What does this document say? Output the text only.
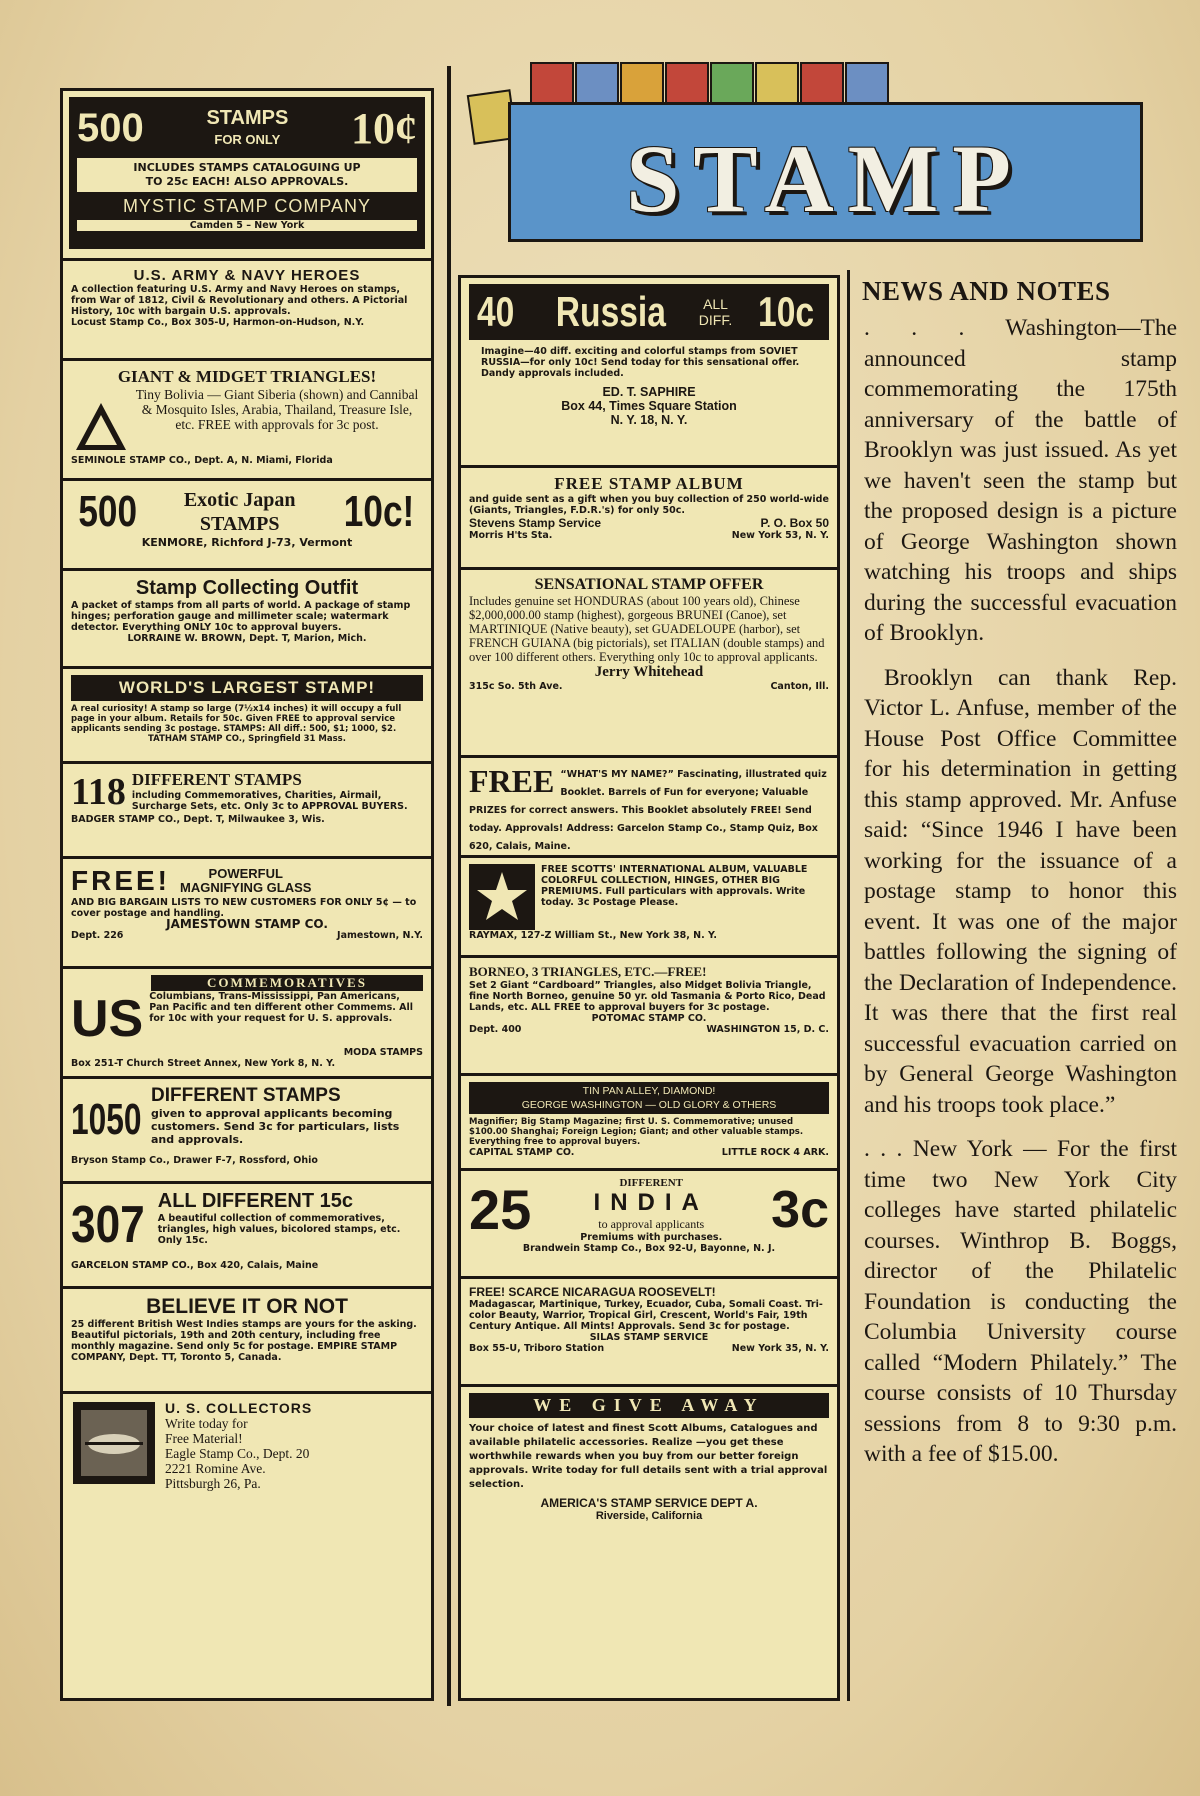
STAMP
500	STAMPS
FOR ONLY 10¢
INCLUDES STAMPS CATALOGUING UP
TO 25c EACH! ALSO APPROVALS.
MYSTIC STAMP COMPANY
Camden 5 – New York
U.S. ARMY & NAVY HEROES
A collection featuring U.S. Army and Navy Heroes on stamps, from War of 1812, Civil & Revolutionary and others. A Pictorial History, 10c with bargain U.S. approvals.
Locust Stamp Co., Box 305-U, Harmon-on-Hudson, N.Y.
GIANT & MIDGET TRIANGLES!
Tiny Bolivia — Giant Siberia (shown) and Cannibal & Mosquito Isles, Arabia, Thailand, Treasure Isle, etc. FREE with approvals for 3c post.
SEMINOLE STAMP CO., Dept. A, N. Miami, Florida
500 Exotic Japan
STAMPS	10c!
KENMORE, Richford J-73, Vermont
Stamp Collecting Outfit
A packet of stamps from all parts of world. A package of stamp hinges; perforation gauge and millimeter scale; watermark detector. Everything ONLY 10c to approval buyers.
LORRAINE W. BROWN, Dept. T, Marion, Mich.
WORLD'S LARGEST STAMP!
A real curiosity! A stamp so large (7½x14 inches) it will occupy a full page in your album. Retails for 50c. Given FREE to approval service applicants sending 3c postage. STAMPS: All diff.: 500, $1; 1000, $2.
TATHAM STAMP CO., Springfield 31 Mass.
118 DIFFERENT STAMPS
including Commemoratives, Charities, Airmail, Surcharge Sets, etc. Only 3c to APPROVAL BUYERS.
BADGER STAMP CO., Dept. T, Milwaukee 3, Wis.
FREE!	POWERFUL
MAGNIFYING GLASS
AND BIG BARGAIN LISTS TO NEW CUSTOMERS FOR ONLY 5¢ — to cover postage and handling.
JAMESTOWN STAMP CO.
Dept. 226	Jamestown, N.Y.
COMMEMORATIVES
US Columbians, Trans-Mississippi, Pan Americans, Pan Pacific and ten different other Commems. All for 10c with your request for U. S. approvals.
MODA STAMPS
Box 251-T Church Street Annex, New York 8, N. Y.
1050 DIFFERENT STAMPS
given to approval applicants becoming customers. Send 3c for particulars, lists and approvals.
Bryson Stamp Co., Drawer F-7, Rossford, Ohio
307 ALL DIFFERENT 15c
A beautiful collection of commemoratives, triangles, high values, bicolored stamps, etc. Only 15c.
GARCELON STAMP CO., Box 420, Calais, Maine
BELIEVE IT OR NOT
25 different British West Indies stamps are yours for the asking. Beautiful pictorials, 19th and 20th century, including free monthly magazine. Send only 5c for postage. EMPIRE STAMP COMPANY, Dept. TT, Toronto 5, Canada.
U. S. COLLECTORS
Write today for
Free Material!
Eagle Stamp Co., Dept. 20
2221 Romine Ave.
Pittsburgh 26, Pa.
40 Russia	ALL
DIFF. 10c
Imagine—40 diff. exciting and colorful stamps from SOVIET RUSSIA—for only 10c! Send today for this sensational offer. Dandy approvals included.
ED. T. SAPHIRE
Box 44, Times Square Station
N. Y. 18, N. Y.
FREE STAMP ALBUM
and guide sent as a gift when you buy collection of 250 world-wide (Giants, Triangles, F.D.R.'s) for only 50c.
Stevens Stamp Service	P. O. Box 50
Morris H'ts Sta.	New York 53, N. Y.
SENSATIONAL STAMP OFFER
Includes genuine set HONDURAS (about 100 years old), Chinese $2,000,000.00 stamp (highest), gorgeous BRUNEI (Canoe), set MARTINIQUE (Native beauty), set GUADELOUPE (harbor), set FRENCH GUIANA (big pictorials), set ITALIAN (double stamps) and over 100 different others. Everything only 10c to approval applicants.
Jerry Whitehead
315c So. 5th Ave.	Canton, Ill.
FREE “WHAT'S MY NAME?” Fascinating, illustrated quiz Booklet. Barrels of Fun for everyone; Valuable PRIZES for correct answers. This Booklet absolutely FREE! Send today. Approvals! Address: Garcelon Stamp Co., Stamp Quiz, Box 620, Calais, Maine.
FREE SCOTTS' INTERNATIONAL ALBUM, VALUABLE COLORFUL COLLECTION, HINGES, OTHER BIG PREMIUMS. Full particulars with approvals. Write today. 3c Postage Please.
RAYMAX, 127-Z William St., New York 38, N. Y.
BORNEO, 3 TRIANGLES, ETC.—FREE!
Set 2 Giant “Cardboard” Triangles, also Midget Bolivia Triangle, fine North Borneo, genuine 50 yr. old Tasmania & Porto Rico, Dead Lands, etc. ALL FREE to approval buyers for 3c postage.
POTOMAC STAMP CO.
Dept. 400	WASHINGTON 15, D. C.
TIN PAN ALLEY, DIAMOND!
GEORGE WASHINGTON — OLD GLORY & OTHERS
Magnifier; Big Stamp Magazine; first U. S. Commemorative; unused $100.00 Shanghai; Foreign Legion; Giant; and other valuable stamps. Everything free to approval buyers.
CAPITAL STAMP CO.	LITTLE ROCK 4 ARK.
25	DIFFERENT
INDIA
to approval applicants
Premiums with purchases. 3c
Brandwein Stamp Co., Box 92-U, Bayonne, N. J.
FREE! SCARCE NICARAGUA ROOSEVELT!
Madagascar, Martinique, Turkey, Ecuador, Cuba, Somali Coast. Tri-color Beauty, Warrior, Tropical Girl, Crescent, World's Fair, 19th Century Antique. All Mints! Approvals. Send 3c for postage.
SILAS STAMP SERVICE
Box 55-U, Triboro Station	New York 35, N. Y.
WE GIVE AWAY
Your choice of latest and finest Scott Albums, Catalogues and available philatelic accessories. Realize —you get these worthwhile rewards when you buy from our better foreign approvals. Write today for full details sent with a trial approval selection.
AMERICA'S STAMP SERVICE DEPT A.
Riverside, California
NEWS AND NOTES

. . . Washington—The announced stamp commemorating the 175th anniversary of the battle of Brooklyn was just issued. As yet we haven't seen the stamp but the proposed design is a picture of George Washington shown watching his troops and ships during the successful evacuation of Brooklyn.

Brooklyn can thank Rep. Victor L. Anfuse, member of the House Post Office Committee for his determination in getting this stamp approved. Mr. Anfuse said: “Since 1946 I have been working for the issuance of a postage stamp to honor this event. It was one of the major battles following the signing of the Declaration of Independence. It was there that the first real successful evacuation carried on by General George Washington and his troops took place.”

. . . New York — For the first time two New York City colleges have started philatelic courses. Winthrop B. Boggs, director of the Philatelic Foundation is conducting the Columbia University course called “Modern Philately.” The course consists of 10 Thursday sessions from 8 to 9:30 p.m. with a fee of $15.00.
